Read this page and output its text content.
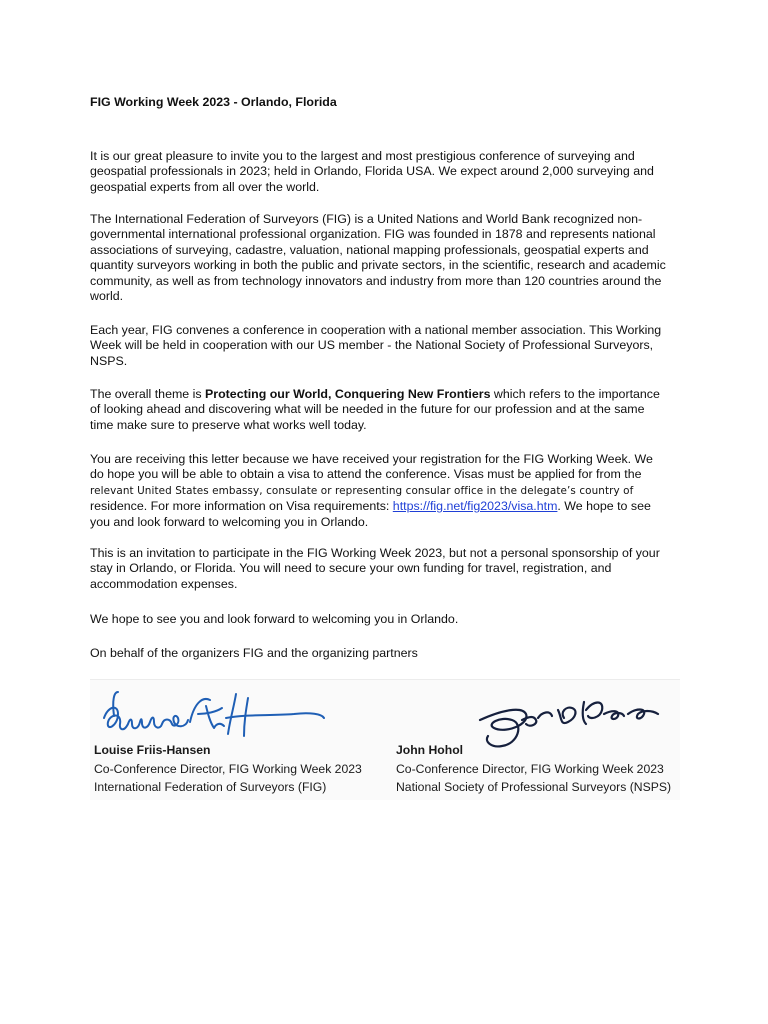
FIG Working Week 2023 - Orlando, Florida

It is our great pleasure to invite you to the largest and most prestigious conference of surveying and
geospatial professionals in 2023; held in Orlando, Florida USA. We expect around 2,000 surveying and
geospatial experts from all over the world.

The International Federation of Surveyors (FIG) is a United Nations and World Bank recognized non-
governmental international professional organization. FIG was founded in 1878 and represents national
associations of surveying, cadastre, valuation, national mapping professionals, geospatial experts and
quantity surveyors working in both the public and private sectors, in the scientific, research and academic
community, as well as from technology innovators and industry from more than 120 countries around the
world.

Each year, FIG convenes a conference in cooperation with a national member association. This Working
Week will be held in cooperation with our US member - the National Society of Professional Surveyors,
NSPS.

The overall theme is Protecting our World, Conquering New Frontiers which refers to the importance
of looking ahead and discovering what will be needed in the future for our profession and at the same
time make sure to preserve what works well today.

You are receiving this letter because we have received your registration for the FIG Working Week. We
do hope you will be able to obtain a visa to attend the conference. Visas must be applied for from the
relevant United States embassy, consulate or representing consular office in the delegate’s country of
residence. For more information on Visa requirements: https://fig.net/fig2023/visa.htm. We hope to see
you and look forward to welcoming you in Orlando.

This is an invitation to participate in the FIG Working Week 2023, but not a personal sponsorship of your
stay in Orlando, or Florida. You will need to secure your own funding for travel, registration, and
accommodation expenses.

We hope to see you and look forward to welcoming you in Orlando.

On behalf of the organizers FIG and the organizing partners

Louise Friis-Hansen
Co-Conference Director, FIG Working Week 2023
International Federation of Surveyors (FIG)
John Hohol
Co-Conference Director, FIG Working Week 2023
National Society of Professional Surveyors (NSPS)
